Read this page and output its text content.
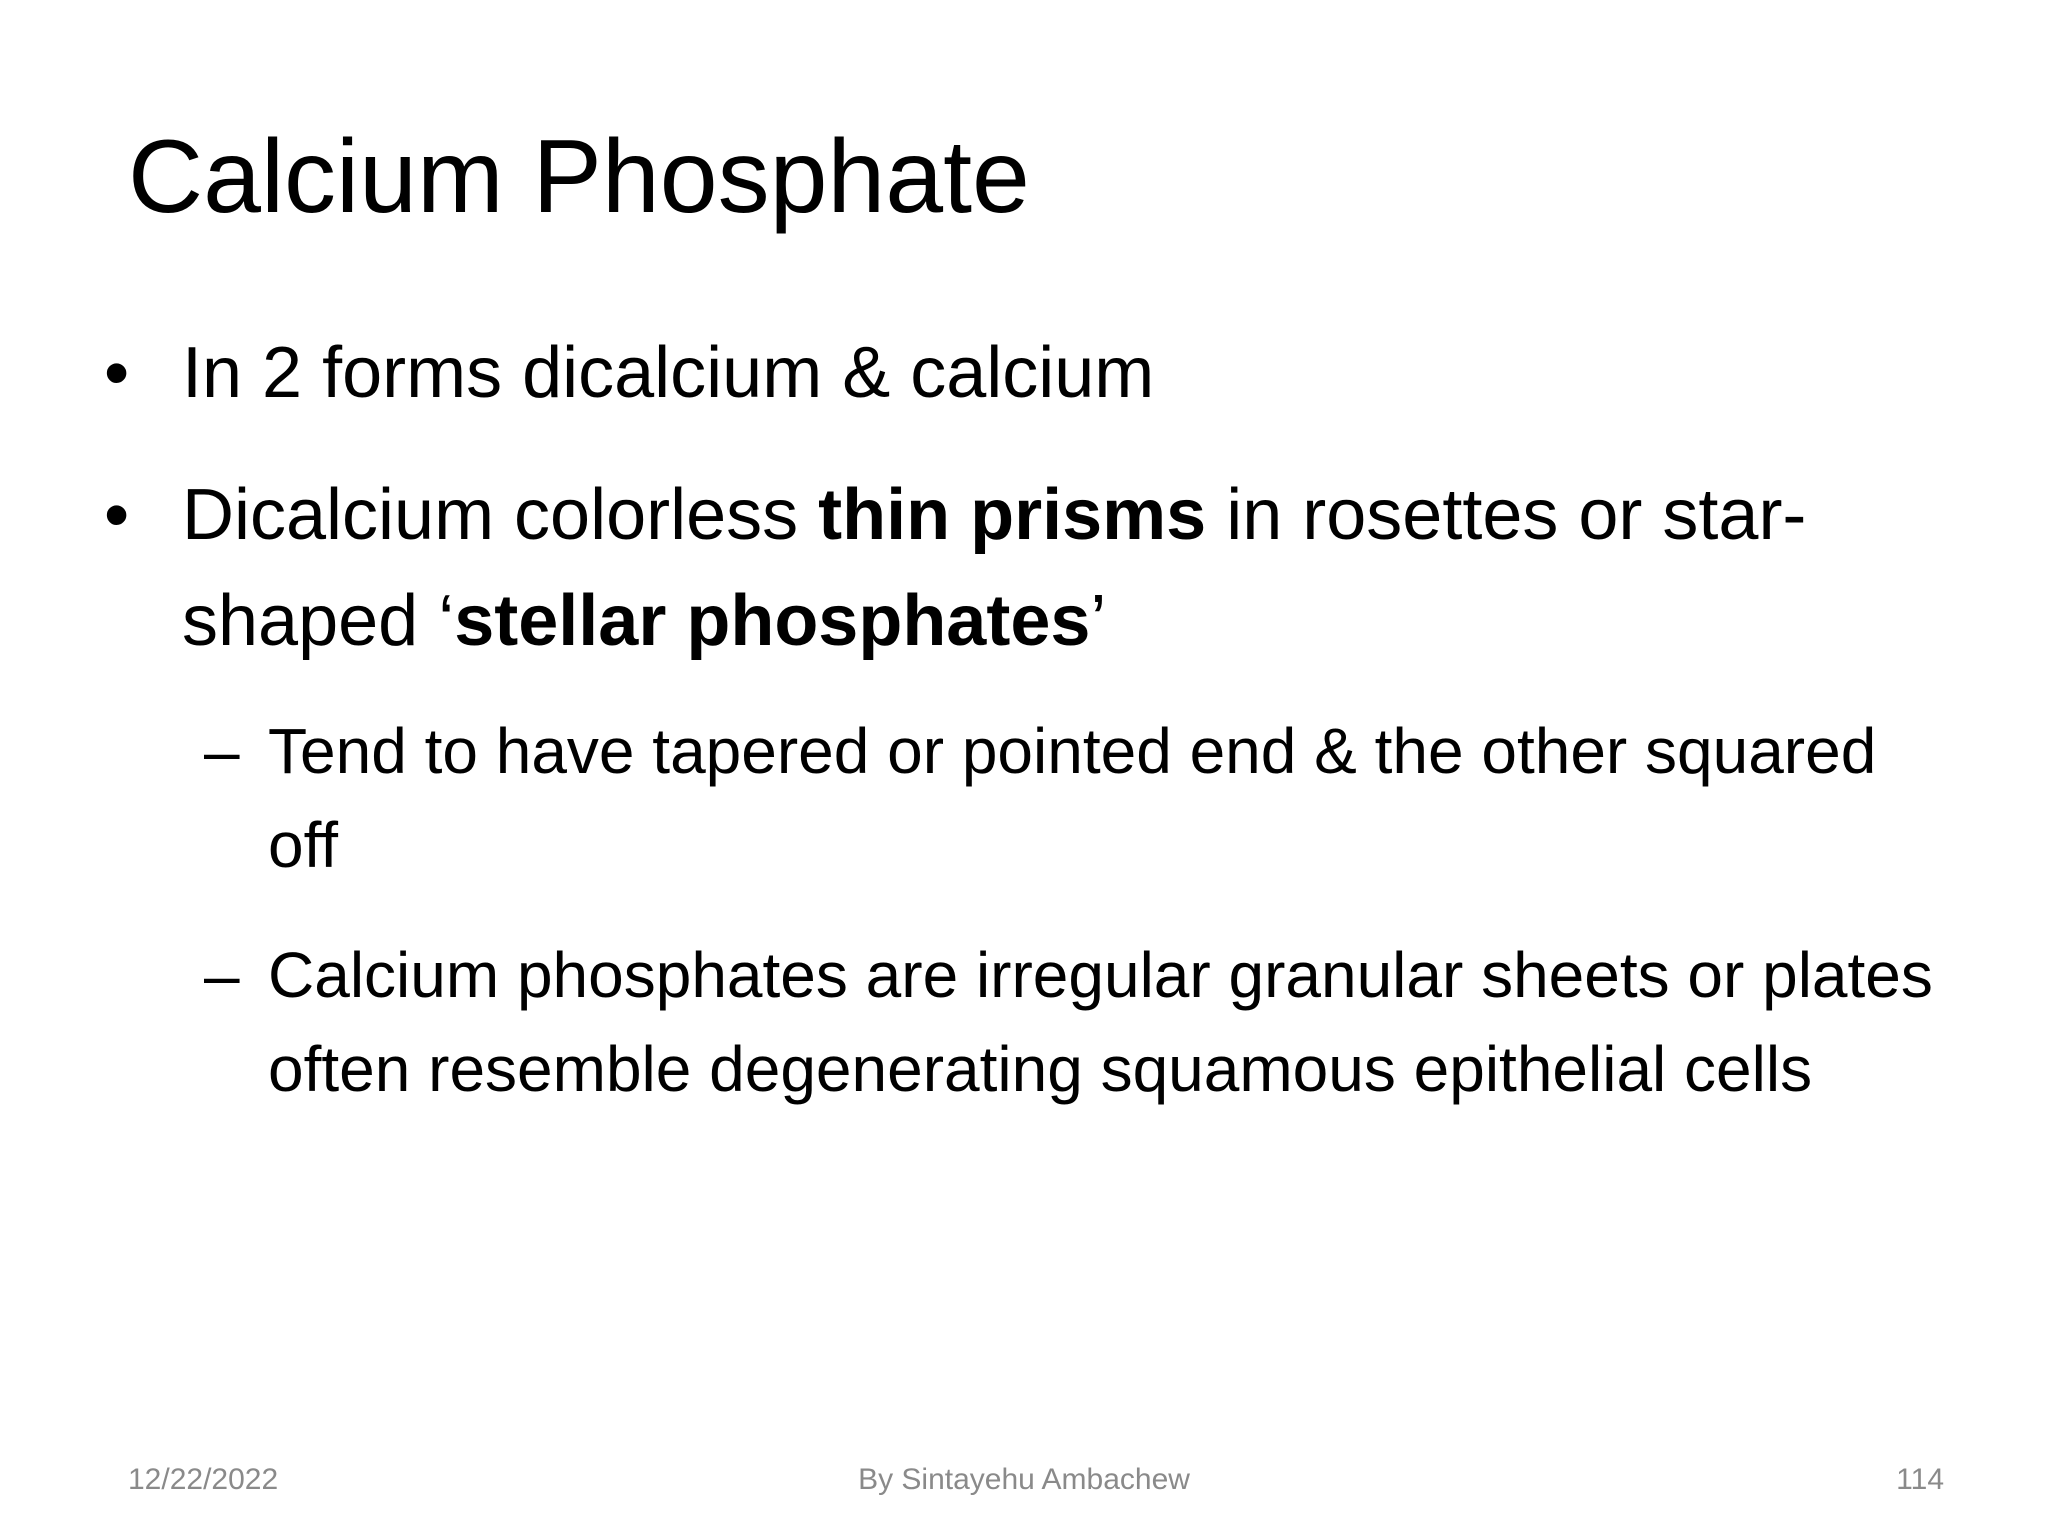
Calcium Phosphate
• In 2 forms dicalcium & calcium
• Dicalcium colorless thin prisms in rosettes or star-shaped ‘stellar phosphates’
– Tend to have tapered or pointed end & the other squared off
– Calcium phosphates are irregular granular sheets or plates often resemble degenerating squamous epithelial cells
12/22/2022	By Sintayehu Ambachew	114
